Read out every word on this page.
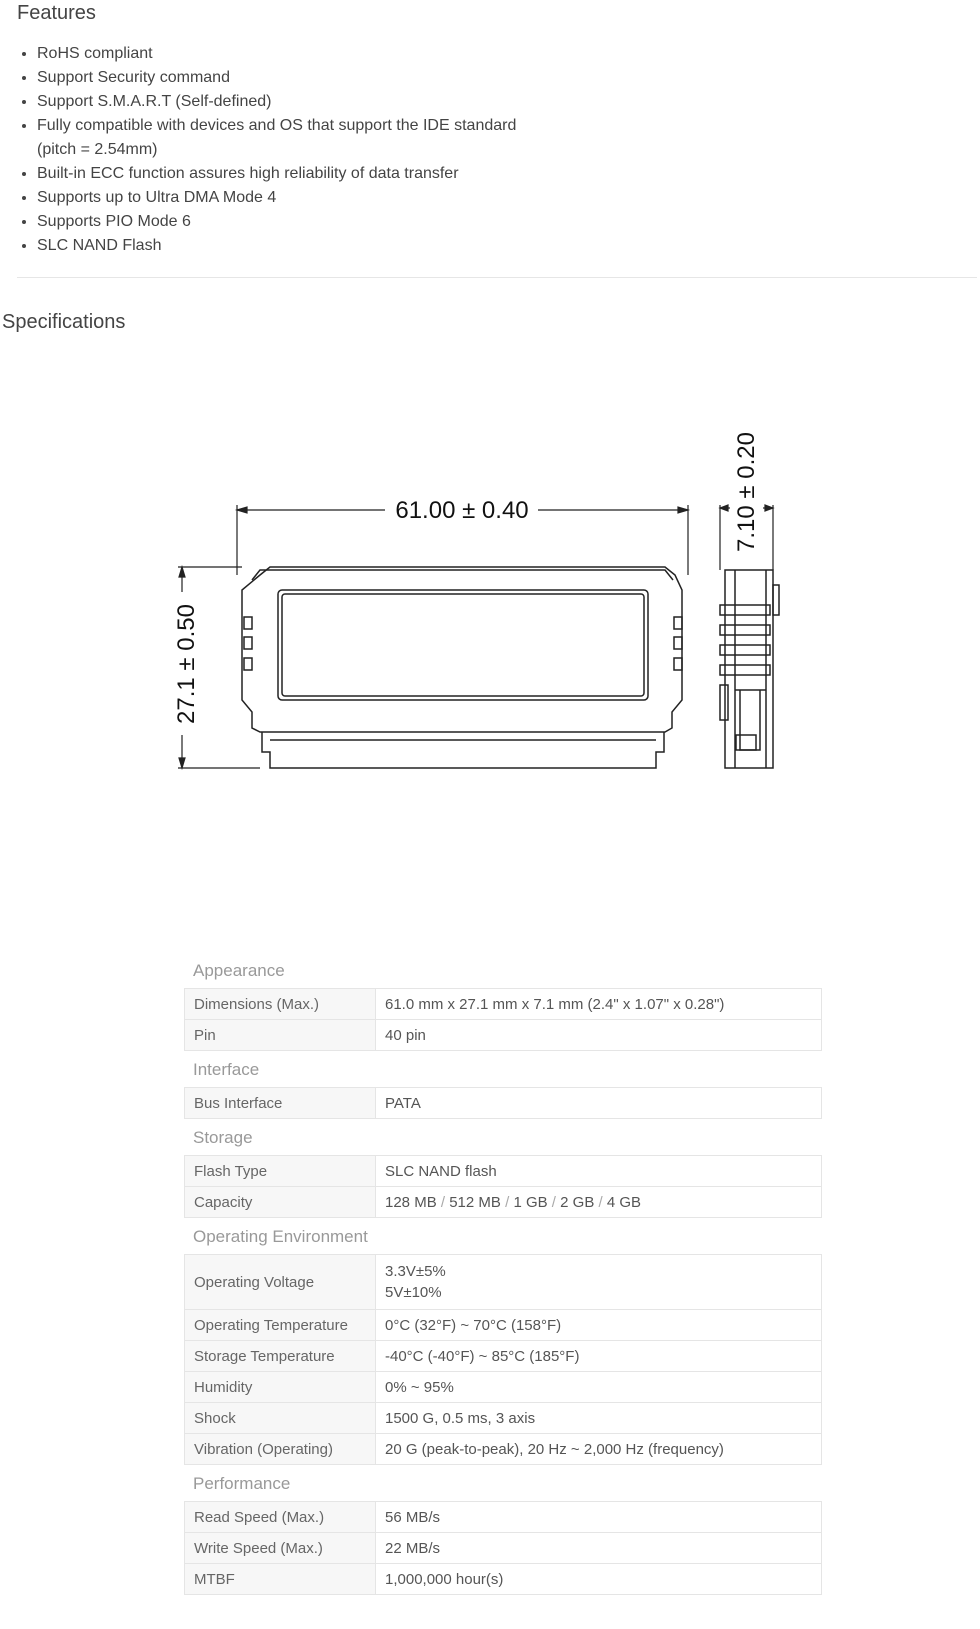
Features
• RoHS compliant
• Support Security command
• Support S.M.A.R.T (Self-defined)
• Fully compatible with devices and OS that support the IDE standard
(pitch = 2.54mm)
• Built-in ECC function assures high reliability of data transfer
• Supports up to Ultra DMA Mode 4
• Supports PIO Mode 6
• SLC NAND Flash
Specifications
61.00 ± 0.40
27.1 ± 0.50
7.10 ± 0.20
Appearance
Dimensions (Max.)	61.0 mm x 27.1 mm x 7.1 mm (2.4" x 1.07" x 0.28")
Pin	40 pin
Interface
Bus Interface	PATA
Storage
Flash Type	SLC NAND flash
Capacity	128 MB / 512 MB / 1 GB / 2 GB / 4 GB
Operating Environment
Operating Voltage	3.3V±5%
5V±10%
Operating Temperature	0°C (32°F) ~ 70°C (158°F)
Storage Temperature	-40°C (-40°F) ~ 85°C (185°F)
Humidity	0% ~ 95%
Shock	1500 G, 0.5 ms, 3 axis
Vibration (Operating)	20 G (peak-to-peak), 20 Hz ~ 2,000 Hz (frequency)
Performance
Read Speed (Max.)	56 MB/s
Write Speed (Max.)	22 MB/s
MTBF	1,000,000 hour(s)
